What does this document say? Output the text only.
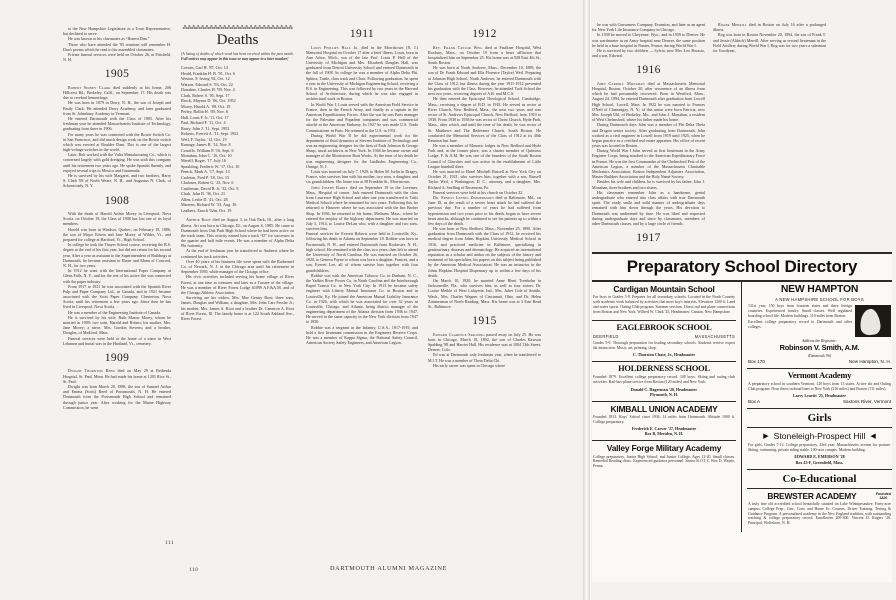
to the New Hampshire Legislature as a Town Representative, but declined to serve.

He was known to his classmates as “Honest Dan.”

Those who have attended the '95 reunions will remember H. Dan's poems which he read to his assembled classmates.

Private funeral services were held on October 26, at Pittsfield, N. H.

1905

Robert Sidney Clark died suddenly at his home, 206 Hillcrest Rd., Berkeley, Calif., on September 17. His death was due to cerebral hemorrhage.

He was born in 1879 in Derry, N. H., the son of Joseph and Emily Clark. He attended Derry Academy, and later graduated from St. Johnsbury Academy in Vermont.

He entered Dartmouth with the Class of 1905. After his freshman year he attended Massachusetts Institute of Technology, graduating from there in 1906.

For many years he was connected with the Bowie Switch Co. in San Francisco, and did much design work on the Bowie switch which was erected at Boulder Dam. This is one of the largest high-voltage switches in the world.

Later, Bob worked with the Vulta Manufacturing Co., which is concerned largely with gold dredging. He was with this company until his retirement two years ago. He spoke Spanish fluently, and enjoyed several trips to Mexico and Guatemala.

He is survived by his wife Margaret, and two brothers, Harry S. Clark '08 of North Weare, N. H., and Augustus N. Clark, of Schenectady, N. Y.

1908

With the death of Harold Arthur Morey in Liverpool, Nova Scotia, on October 19, the Class of 1908 has lost one of its loyal members.

Harold was born in Windsor, Quebec, on February 19, 1886, the son of Major Edwin and Jane Morey of Wilder, Vt., and prepared for college at Hartford, Vt., High School.

In college he took the Thayer School course, receiving the B.S. degree at the end of his first year, but did not return for his second year. After a year as assistant to the Superintendent of Buildings at Dartmouth, he became assistant to Elmer and Mann of Concord, N. H., for two years.

In 1912 he went with the International Paper Company at Glens Falls, N. Y., and for the rest of his active life was connected with the paper industry.

From 1917 to 1921 he was associated with the Spanish River Pulp and Paper Company Ltd., in Canada, and in 1921 became associated with the Scott Paper Company, Chesterton, Nova Scotia, until his retirement a few years ago. Since then he has lived in Liverpool, Nova Scotia.

He was a member of the Engineering Institute of Canada.

He is survived by his wife, Ruth Mason Morey, whom he married in 1909; two sons, Harold and Robert; his mother, Mrs. Jane Morey; a niece, Mrs. Gordon Stevens; and a brother, Douglas, of Medford, Mass.

Funeral services were held at the home of a niece in West Lebanon and burial was in the Hartland, Vt., cemetery.

1909

Dwight Thornton Reed died on May 29 at Bethesda Hospital, St. Paul, Minn. He had made his home at 1201 Rice St., St. Paul.

Dwight was born March 28, 1888, the son of Samuel Arthur and Emma (Scott) Reed of Portsmouth, N. H. He entered Dartmouth from the Portsmouth High School and remained through junior year. After working for the Maine Highway Commission, he went

⁂⁂⁂⁂⁂⁂⁂⁂⁂⁂⁂⁂⁂⁂⁂⁂⁂⁂⁂⁂⁂⁂⁂⁂⁂
Deaths
[A listing of deaths of which word has been received within the past month. Full notices may appear in this issue or may appear in a later number]
Corwin, Carl H. '87, Oct. 14
Heald, Franklin H. B. '91, Oct. 6
Weston, F. Irving '92, Oct. 12
Watson, Edward S. '93, Oct. 22
Donahue, Charles H. '99, Nov. 4
Clark, Robert S. '05, Sept. 17
Brock, Maynor D. '06, Oct. 1952
Morey, Harold A. '08, Oct. 19
Perley, Rollin H. '09, Nov. 6
Hall, Louis F. Jr. '11, Oct. 17
Paul, Richard F. '11, Oct. 4
Barry, John J. '11, Sept. 1952
Roberts, Everett A. '11, Sept. 1952
Weil, F. Taylor, '12, Oct. 19
Ramage, James B. '14, Nov. 8
Costello, William P. '16, Sept. 6
Monahan, John C. '16, Oct. 10
Merrill, Roger, '17, July 16
Spaulding, Frederic W. '17, Oct. 10
Penick, Mark A. '17, Sept. 13
Carleton, Fred P. '18, Oct. 15
Chaloner, Robert G. '23, Nov. 6
Castleman, David R. Jr. '32, Oct. 8
Clark, John B. '36, Oct. 21
Allen, Leslie D. '41, Oct. 28
Martens, Richard W. '53, Aug. 16
Leathers, Enoch '02m, Oct. 19

Arthur Root died on August 3, in Oak Park, Ill., after a long illness. Art was born in Chicago, Ill., on August 6, 1885. He came to Dartmouth from Oak Park High School where he had been active on the track team. This activity earned him a track “D” for successes in the quarter and half mile events. He was a member of Alpha Delta Phi fraternity.

At the end of freshman year he transferred to Amherst where he continued his track activities.

Over 40 years of his business life were spent with the Rathermel Co. of Newark, N. J. in the Chicago area until his retirement in September 1950, while manager of the Chicago office.

His civic activities included serving his home village of River Forest, at one time as treasurer and later as a Trustee of the village. He was a member of River Forest Lodge #1099 A.F.&A.M. and of the Chicago Athletic Association.

Surviving are his widow, Mrs. Mae Gentry Root; three sons, James, Douglas and William; a daughter, Mrs. John Carr Fessler Jr.; his mother, Mrs. James A. Root and a brother Dr. Cameron A. Root of River Forest, Ill. The family home is at 122 South Ashland Ave., River Forest.

1911

Louis Phillips Hall Jr. died in the Morristown (N. J.) Memorial Hospital on October 17 after a brief illness. Louis, born in Ann Arbor, Mich., son of the late Prof. Louis P. Hall of the University of Michigan and Mrs. Elizabeth Douglas Hall, was graduated from Detroit University School and entered Dartmouth in the fall of 1908. In college he was a member of Alpha Delta Phi, Sphinx, Tuttle, class track and Choir. Following graduation, he spent a year in the University of Michigan Engineering School, receiving a B.S. in Engineering. This was followed by two years in the Harvard School of Architecture, during which he was also engaged in architectural work in Boston.

In World War I, Louis served with the American Field Service in France, then in the French Army, and finally as a captain in the American Expeditionary Forces. After the war he was Paris manager for the Palestine and Popadent companies and was commercial attaché at the American Embassy. In 1927 he was made U.S. Trade Commissioner in Paris. He returned to the U.S. in 1931.

During World War II he did experimental work for the department of fluid dynamics at Stevens Institute of Technology and was an engineering designer for the firm of Eads Johnson & George Sharp, naval architects in New York. In 1946 he became owner and manager of the Morristown Boat Works. At the time of his death he was engineering designer for the Lindholm Engineering Co., Orange, N. J.

Louis was married on July 7, 1920, to Helen M. Iselin in Dragey, France, who survives him with his mother, two sons, a daughter, and six grandchildren. His home was at 58 Franklin St., Morristown.

John Joseph Barry died on September 19 in the Laverner, Mass., Hospital of cancer. Jack entered Dartmouth with the class from Lawrence High School and after one year transferred to Tufts Medical School where he remained for two years. Following this, he returned to Hanover where he was associated with the Inn Barber Shop. In 1936, he returned to his home, Methuen, Mass., where he entered the employ of the highway department. He was married on July 5, 1914, to Louise DeLan who, with a daughter and two sons, survives him.

Funeral services for Everett Roberts were held in Louisville, Ky., following his death in Atlanta on September 10. Robbie was born in Portsmouth, N. H., and entered Dartmouth from Rochester, N. H., high school. He remained with the class two years, then left to attend the University of North Carolina. He was married on October 26, 1920, to Geneva Payne to whom was born a daughter, Frances, and a son, Everett Lee, all of whom survive him together with four grandchildren.

Robbie was with the American Tobacco Co. in Durham, N. C., the Yadkin River Power Co. in North Carolina and the Interborough Rapid Transit Co. in New York City. In 1913 he became safety engineer with Liberty Mutual Insurance Co. in Boston and in Louisville, Ky. He joined the American Mutual Liability Insurance Co. in 1926, with which he was associated for over 32 years in Louisville, Chicago, and Atlanta, being district manager of the engineering department of the Atlanta division from 1936 to 1947. He served in the same capacity in the New York division from 1947 to 1950.

Robbie was a sergeant in the Infantry, U.S.A., 1917-1919, and held a first lieutenant commission in the Engineers Reserve Corps. He was a member of Kappa Sigma, the National Safety Council, American Society Safety Engineers, and American Legion.

1912

Rev. Frank Taylor Weil died at Faulkner Hospital, West Roxbury, Mass., on October 19 from a heart affliction that hospitalized him on September 25. His home was at 928 East 4th St., South Boston.

He was born at North Andover, Mass., December 10, 1889, the son of Dr. Frank Edward and Ella Florence (Taylor) Weil. Preparing at Johnson High School, North Andover, he entered Dartmouth with the Class of 1912, but illness during the year 1911-1912 prevented his graduation with the Class. However, he attended Tuck School the next two years, receiving degrees of A.B. and M.C.S.

He then entered the Episcopal Theological School, Cambridge, Mass., receiving a degree of B.D. in 1918. He served as rector at River Church, New Bedford, Mass., the next two years and was rector of St. Andrews Episcopal Church, New Bedford, from 1919 to 1930. From 1930 to 1936 he was rector of Christ Church, Hyde Park, Mass., after which, and until the time of his death, he was rector of St. Matthews and The Redeemer Church, South Boston. He conducted the Memorial Services of the Class of 1912 at its 40th Reunion last June.

He was a member of Masonic lodges in New Bedford and Hyde Park and, at the former place, was a charter member of Quitticus Lodge, F. & A.M. He was one of the founders of the South Boston Council of Churches and was active in the establishment of Little League baseball there.

He was married to Hazel Mitchell Russell at New York City on October 21, 1921, who survives him, together with a son, Russell Taylor Weil, a Washington, D. C., attorney, and a daughter, Mrs. Richard A. Snelling of Rosemont, Pa.

Funeral services were held at his church on October 22.

Dr. Ernest Lennig Zimmermann died at Baltimore, Md., on June 18, as the result of a severe heart attack he had suffered the previous day. For a number of years he had suffered from hypertension and two years prior to his death, began to have severe heart attacks, although he continued to see his patients up to within a few days of the death.

He was born at New Bedford, Mass., November 25, 1890. After graduation from Dartmouth with the Class of 1912, he received his medical degree from Johns Hopkins University Medical School in 1916, and practiced medicine in Baltimore, specializing in genitourinary diseases and dermatology. He acquired an international reputation as a scholar and author on the subjects of the history and treatment of his specialties, his papers on this subject being published by the American Medical Association. He was an instructor in the Johns Hopkins Hospital Dispensary up to within a few days of his death.

On March 10, 1920, he married Anne Rhett Trenholm in Jacksonville, Fla., who survives him, as well as four sisters, Dr. Louise Meikle of West Lafayette, Ind., Mrs. Juliet Cole of Seattle, Wash., Mrs. Charles Wagner of Cincinnati, Ohio, and Dr. Helen Zimmerman of North Reading, Mass. His home was at 3 East Read St., Baltimore.

1915

Edward Clarence Spalding passed away on July 25. He was born in Chicago, March 18, 1892, the son of Charles Rawson Spalding '88 and Harriet Hall. His residence was at 1004 13th Street, Denver, Colo.

Ed was at Dartmouth only freshman year, when he transferred to M.I.T. He was a member of Theta Delta Chi.

His early career was spent in Chicago where

110	DARTMOUTH ALUMNI MAGAZINE

he was with Consumers Company, Evanston, and later as an agent for New York Life Insurance Company in Chicago.

In 1938 he moved to Cheyenne, Wyo., and in 1939 to Denver. He was wardmaster in an Army hospital near Denver, the same position he held in a base hospital in Nantes, France, during World War I.

He is survived by two children — Sylvia, now Mrs. Leo Borasio, and a son, Edward.

1916

John Carroll Monahan died at Massachusetts Memorial Hospital, Boston, October 20, after recurrence of an illness from which he had presumably recovered. Born in Westford, Mass., August 24, 1894, he entered Dartmouth after graduation from Lowell High School, Lowell, Mass. In 1922 he was married to Frances O'Neil of Chateaugay, N. Y.; of this union were born Patricia, now Mrs. Joseph Uhl, of Berkeley, Mo., and John J. Monahan, a resident of West Chelmsford, where his father made his home.

During Dartmouth days John was a member of Phi Delta Theta and Dragon senior society. After graduating from Dartmouth, John worked as a civil engineer in Lowell from 1919 until 1925, when he began practice as a certified real estate appraiser. His office of recent years was located in Boston.

During World War I John served as first lieutenant in the Army Engineer Corps, being attached to the American Expeditionary Force in France. He was the first Commander of the Chelmsford Post of the American Legion, a member of the Massachusetts Charitable Mechanics Association, Boston Independent Adjusters Association, Master Builders Association and the Holy Name Society.

Besides his wife and children, he is survived by his father, John J. Monahan, three brothers and two sisters.

His classmates remember John as a handsome, genial undergraduate who entered into class affairs with true Dartmouth spirit. The ready smile and mild manner of undergraduate days remained with him down through the years. His devotion to Dartmouth was undimmed by time. He was liked and respected during undergraduate days and since by classmates, members of other Dartmouth classes, and by a large circle of friends.

1917

Roger Merrill died in Boston on July 16 after a prolonged illness.

Rog was born in Boston November 20, 1894, the son of Frank T. and Jessie (Aldrich) Merrill. After serving as second lieutenant in the Field Artillery during World War I, Rog was for two years a salesman for Goodyear,

Preparatory School Directory
Cardigan Mountain School

For boys in Grades 5-9. Prepares for all secondary schools. Located in the North Country with academic work balanced by activities that meet boy's interests. Elevation 1200 ft. Land and water sports. Outing Club program. Summer sessions. Direct rail and plane connections from Boston and New York. Wilfred W. Clark '25, Headmaster, Canaan, New Hampshire.

EAGLEBROOK SCHOOL
DEERFIELD	MASSACHUSETTS

Grades 5-9. Thorough preparation for leading secondary schools. Students receive expert ski instruction. Music, art, printing, shop.

C. Thurston Chase, Jr., Headmaster
HOLDERNESS SCHOOL

Founded 1879. Excellent college preparatory record. 100 boys. Skiing and outing club activities. Rail-bus-plane service from Boston (120 miles) and New York.

Donald C. Hagerman '28, Headmaster
Plymouth, N. H.
KIMBALL UNION ACADEMY

Founded 1813. Boys' School since 1936. 14 miles from Dartmouth. Altitude 1000 ft. College preparatory.

Frederick E. Carver '27, Headmaster
Box B, Meriden, N. H.
Valley Forge Military Academy

College preparatory, Junior High School, and Junior College. Ages 12-20. Small classes. Remedial Reading clinic. Experienced guidance personnel. Senior R.O.T.C. Box D, Wayne, Penna.

NEW HAMPTON
A NEW HAMPSHIRE SCHOOL FOR BOYS

131st year, 150 boys from fourteen states and three foreign countries. Experienced faculty. Small classes. Well regulated boarding school life. Modern buildings. 110 miles from Boston.

Excellent college preparatory record to Dartmouth and other colleges.

Address the Registrar:
Robinson V. Smith, A.M.
(Dartmouth '06)
Box 170	New Hampton, N. H.
Vermont Academy

A preparatory school in southern Vermont. 120 boys from 13 states. Active ski and Outing Club program. Near direct railroad lines to New York (216 miles) and Boston (111 miles).

Larry Leavitt '25, Headmaster
Box A	Saxtons River, Vermont
Girls
▶ Stoneleigh-Prospect Hill ◀

For girls, Grades 7-12. College preparatory, 43rd year. Massachusetts avenue for posture. Skiing, swimming, private riding stable. 100-acre campus. Modern building.

EDWARD E. EMERSON '28
Box 43-F, Greenfield, Mass.
Co-Educational
Founded
1820
BREWSTER ACADEMY

A truly fine old accredited school beautifully situated on Lake Winnipesaukee. Forty-acre campus. College Prep., Gen., Com. and Home Ec. Courses. Driver Training. Testing & Guidance Program. A personalized academy in the New England tradition, with outstanding teaching & college preparatory record. Enrollment 200-300. Vincent D. Rogers '26, Principal, Wolfeboro, N. H.

111
